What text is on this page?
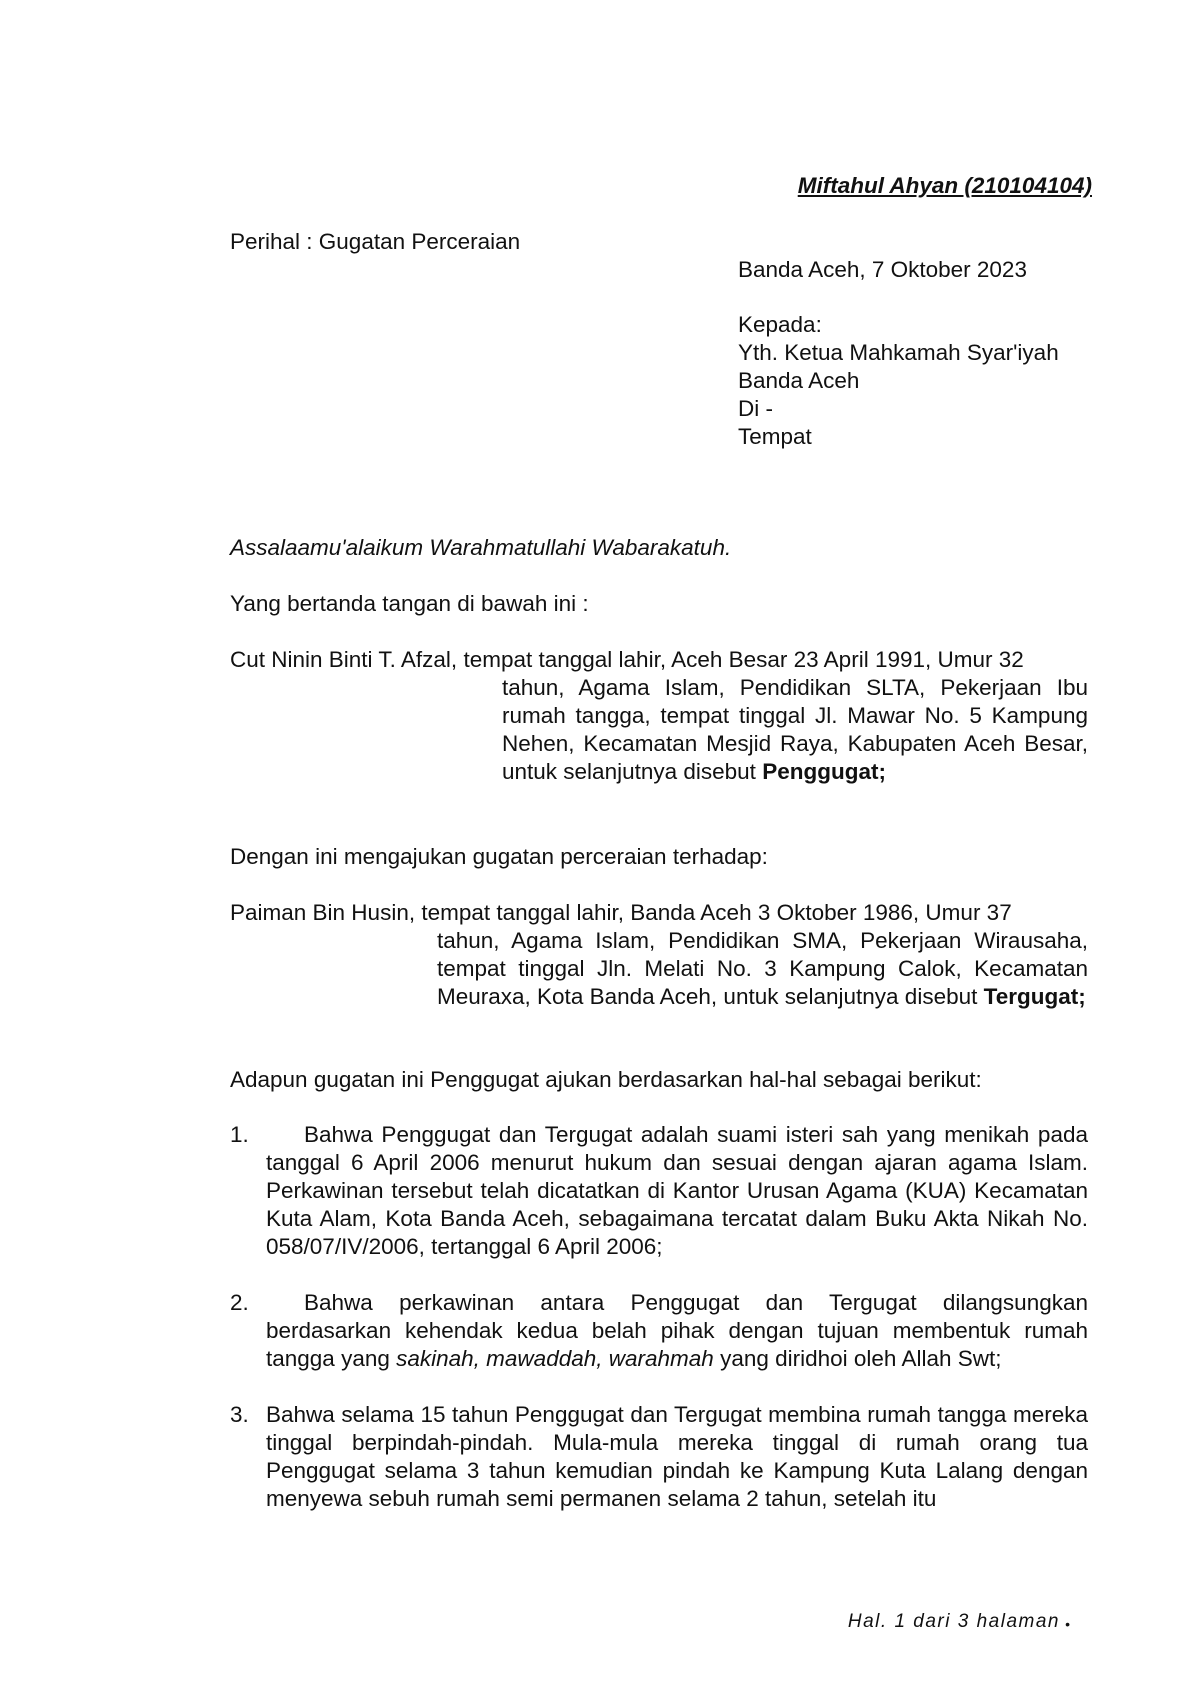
Miftahul Ahyan (210104104)
Perihal : Gugatan Perceraian
Banda Aceh, 7 Oktober 2023
Kepada:
Yth. Ketua Mahkamah Syar'iyah
Banda Aceh
Di -
Tempat
Assalaamu'alaikum Warahmatullahi Wabarakatuh.
Yang bertanda tangan di bawah ini :
Cut Ninin Binti T. Afzal, tempat tanggal lahir, Aceh Besar 23 April 1991, Umur 32
tahun, Agama Islam, Pendidikan SLTA, Pekerjaan Ibu rumah tangga, tempat tinggal Jl. Mawar No. 5 Kampung Nehen, Kecamatan Mesjid Raya, Kabupaten Aceh Besar, untuk selanjutnya disebut Penggugat;
Dengan ini mengajukan gugatan perceraian terhadap:
Paiman Bin Husin, tempat tanggal lahir, Banda Aceh 3 Oktober 1986, Umur 37
tahun, Agama Islam, Pendidikan SMA, Pekerjaan Wirausaha, tempat tinggal Jln. Melati No. 3 Kampung Calok, Kecamatan Meuraxa, Kota Banda Aceh, untuk selanjutnya disebut Tergugat;
Adapun gugatan ini Penggugat ajukan berdasarkan hal-hal sebagai berikut:
1.	Bahwa Penggugat dan Tergugat adalah suami isteri sah yang menikah pada tanggal 6 April 2006 menurut hukum dan sesuai dengan ajaran agama Islam. Perkawinan tersebut telah dicatatkan di Kantor Urusan Agama (KUA) Kecamatan Kuta Alam, Kota Banda Aceh, sebagaimana tercatat dalam Buku Akta Nikah No. 058/07/IV/2006, tertanggal 6 April 2006;
2.	Bahwa perkawinan antara Penggugat dan Tergugat dilangsungkan berdasarkan kehendak kedua belah pihak dengan tujuan membentuk rumah tangga yang sakinah, mawaddah, warahmah yang diridhoi oleh Allah Swt;
3. Bahwa selama 15 tahun Penggugat dan Tergugat membina rumah tangga mereka tinggal berpindah-pindah. Mula-mula mereka tinggal di rumah orang tua Penggugat selama 3 tahun kemudian pindah ke Kampung Kuta Lalang dengan menyewa sebuh rumah semi permanen selama 2 tahun, setelah itu
Hal. 1 dari 3 halaman •
